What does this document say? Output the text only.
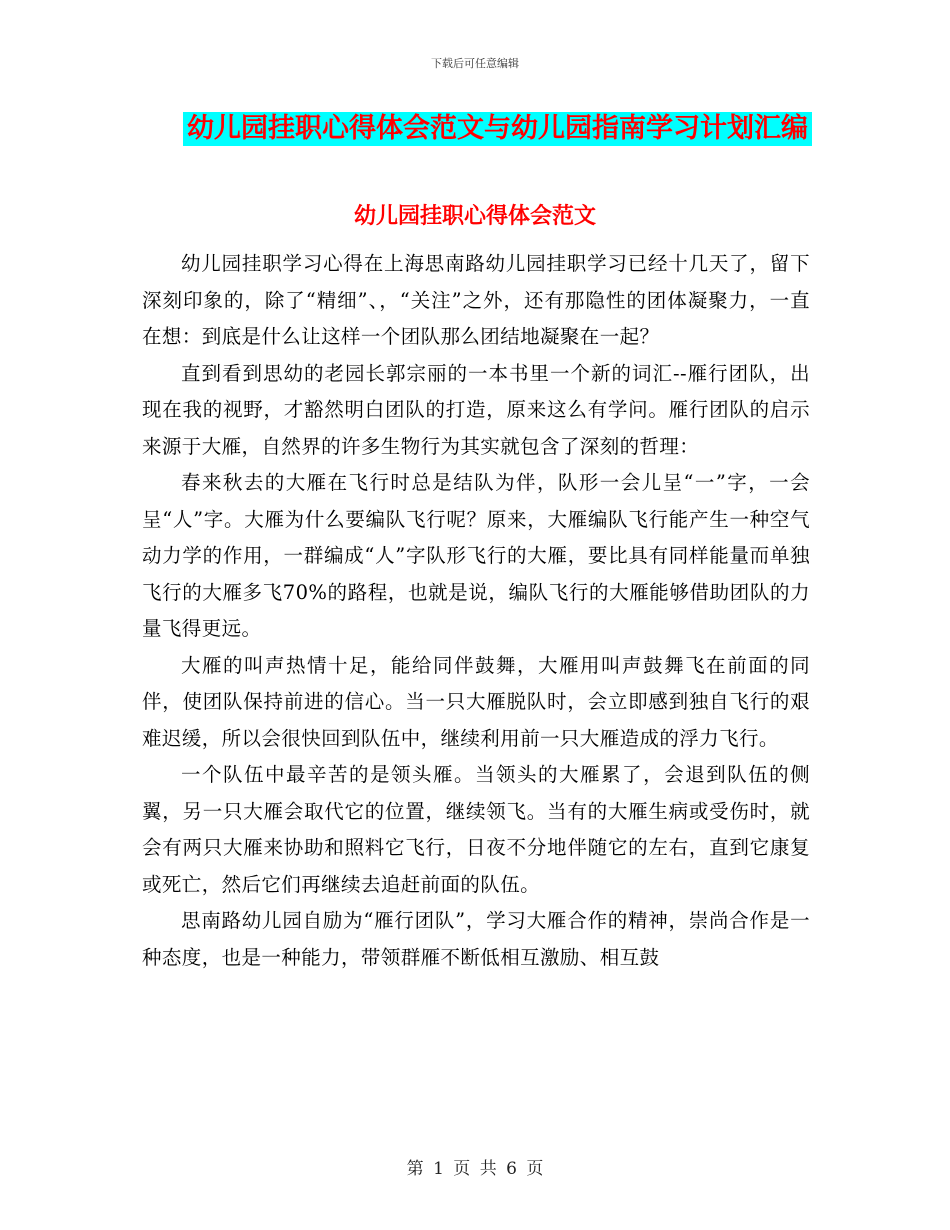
下载后可任意编辑
幼儿园挂职心得体会范文与幼儿园指南学习计划汇编
幼儿园挂职心得体会范文

幼儿园挂职学习心得在上海思南路幼儿园挂职学习已经十几天了，留下深刻印象的，除了“精细”、，“关注”之外，还有那隐性的团体凝聚力，一直在想：到底是什么让这样一个团队那么团结地凝聚在一起？

直到看到思幼的老园长郭宗丽的一本书里一个新的词汇--雁行团队，出现在我的视野，才豁然明白团队的打造，原来这么有学问。雁行团队的启示来源于大雁，自然界的许多生物行为其实就包含了深刻的哲理：

春来秋去的大雁在飞行时总是结队为伴，队形一会儿呈“一”字，一会呈“人”字。大雁为什么要编队飞行呢？原来，大雁编队飞行能产生一种空气动力学的作用，一群编成“人”字队形飞行的大雁，要比具有同样能量而单独飞行的大雁多飞70%的路程，也就是说，编队飞行的大雁能够借助团队的力量飞得更远。

大雁的叫声热情十足，能给同伴鼓舞，大雁用叫声鼓舞飞在前面的同伴，使团队保持前进的信心。当一只大雁脱队时，会立即感到独自飞行的艰难迟缓，所以会很快回到队伍中，继续利用前一只大雁造成的浮力飞行。

一个队伍中最辛苦的是领头雁。当领头的大雁累了，会退到队伍的侧翼，另一只大雁会取代它的位置，继续领飞。当有的大雁生病或受伤时，就会有两只大雁来协助和照料它飞行，日夜不分地伴随它的左右，直到它康复或死亡，然后它们再继续去追赶前面的队伍。

思南路幼儿园自励为“雁行团队”，学习大雁合作的精神，崇尚合作是一种态度，也是一种能力，带领群雁不断低相互激励、相互鼓

第 1 页 共 6 页
